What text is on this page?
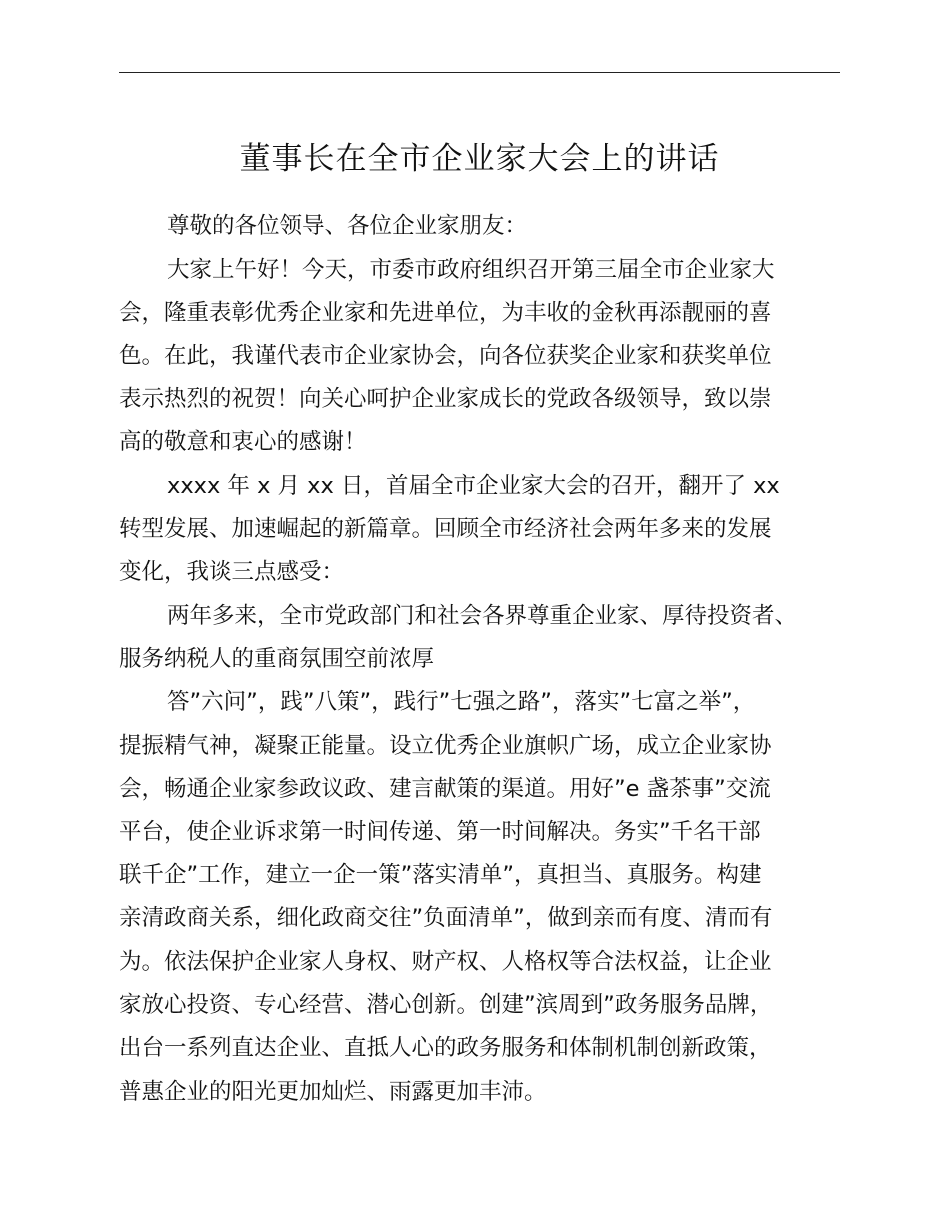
董事长在全市企业家大会上的讲话
尊敬的各位领导、各位企业家朋友：
大家上午好！今天，市委市政府组织召开第三届全市企业家大
会，隆重表彰优秀企业家和先进单位，为丰收的金秋再添靓丽的喜
色。在此，我谨代表市企业家协会，向各位获奖企业家和获奖单位
表示热烈的祝贺！向关心呵护企业家成长的党政各级领导，致以崇
高的敬意和衷心的感谢！
xxxx 年 x 月 xx 日，首届全市企业家大会的召开，翻开了 xx
转型发展、加速崛起的新篇章。回顾全市经济社会两年多来的发展
变化，我谈三点感受：
两年多来，全市党政部门和社会各界尊重企业家、厚待投资者、
服务纳税人的重商氛围空前浓厚
答”六问”，践”八策”，践行”七强之路”，落实”七富之举”，
提振精气神，凝聚正能量。设立优秀企业旗帜广场，成立企业家协
会，畅通企业家参政议政、建言献策的渠道。用好”e 盏茶事”交流
平台，使企业诉求第一时间传递、第一时间解决。务实”千名干部
联千企”工作，建立一企一策”落实清单”，真担当、真服务。构建
亲清政商关系，细化政商交往”负面清单”，做到亲而有度、清而有
为。依法保护企业家人身权、财产权、人格权等合法权益，让企业
家放心投资、专心经营、潜心创新。创建”滨周到”政务服务品牌，
出台一系列直达企业、直抵人心的政务服务和体制机制创新政策，
普惠企业的阳光更加灿烂、雨露更加丰沛。
